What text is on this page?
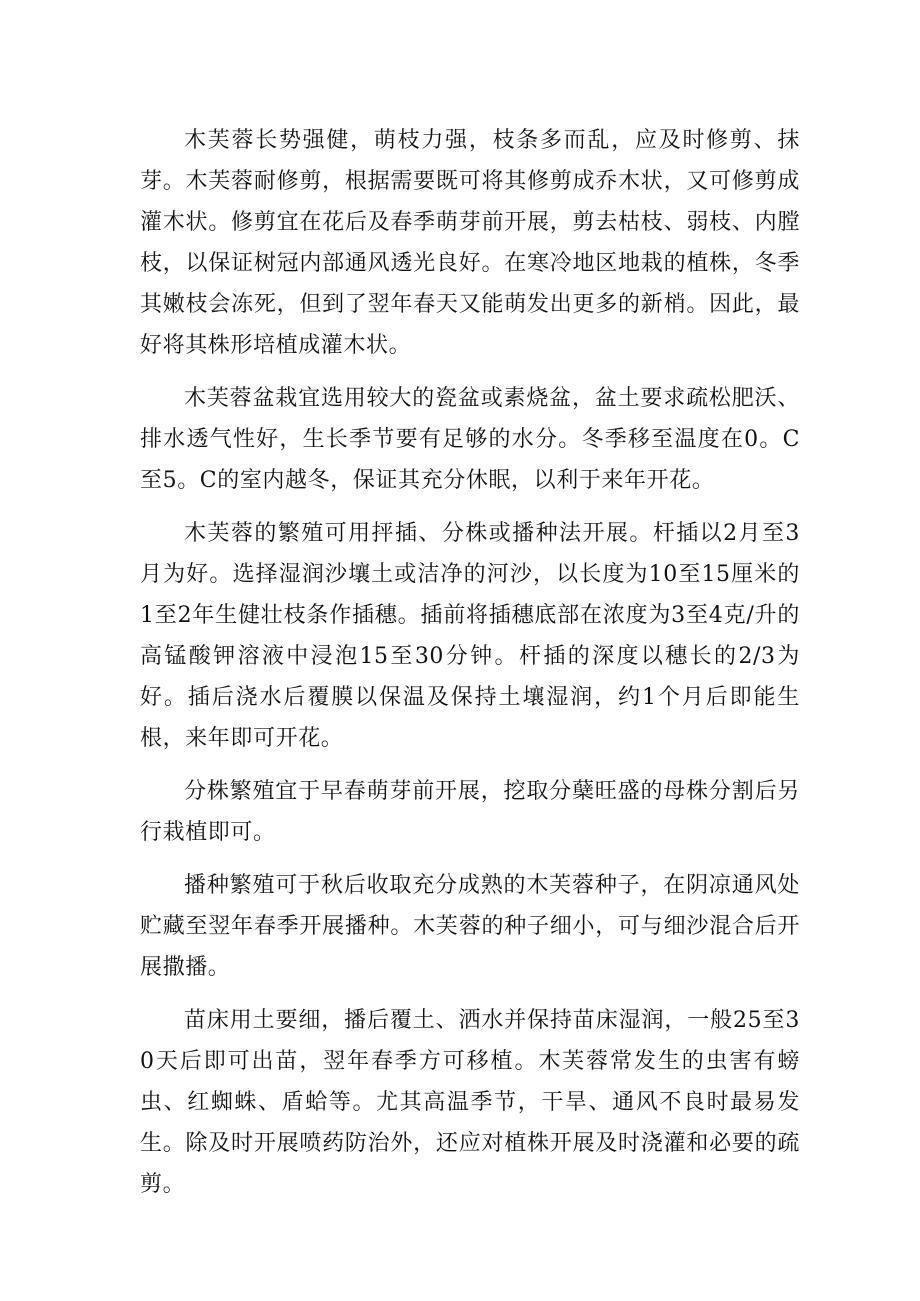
木芙蓉长势强健，萌枝力强，枝条多而乱，应及时修剪、抹芽。木芙蓉耐修剪，根据需要既可将其修剪成乔木状，又可修剪成灌木状。修剪宜在花后及春季萌芽前开展，剪去枯枝、弱枝、内膛枝，以保证树冠内部通风透光良好。在寒冷地区地栽的植株，冬季其嫩枝会冻死，但到了翌年春天又能萌发出更多的新梢。因此，最好将其株形培植成灌木状。

木芙蓉盆栽宜选用较大的瓷盆或素烧盆，盆土要求疏松肥沃、排水透气性好，生长季节要有足够的水分。冬季移至温度在0。C至5。C的室内越冬，保证其充分休眠，以利于来年开花。

木芙蓉的繁殖可用抨插、分株或播种法开展。杆插以2月至3月为好。选择湿润沙壤土或洁净的河沙，以长度为10至15厘米的1至2年生健壮枝条作插穗。插前将插穗底部在浓度为3至4克/升的高锰酸钾溶液中浸泡15至30分钟。杆插的深度以穗长的2/3为好。插后浇水后覆膜以保温及保持土壤湿润，约1个月后即能生根，来年即可开花。

分株繁殖宜于早春萌芽前开展，挖取分蘖旺盛的母株分割后另行栽植即可。

播种繁殖可于秋后收取充分成熟的木芙蓉种子，在阴凉通风处贮藏至翌年春季开展播种。木芙蓉的种子细小，可与细沙混合后开展撒播。

苗床用土要细，播后覆土、洒水并保持苗床湿润，一般25至30天后即可出苗，翌年春季方可移植。木芙蓉常发生的虫害有螃虫、红蜘蛛、盾蛤等。尤其高温季节，干旱、通风不良时最易发生。除及时开展喷药防治外，还应对植株开展及时浇灌和必要的疏剪。
